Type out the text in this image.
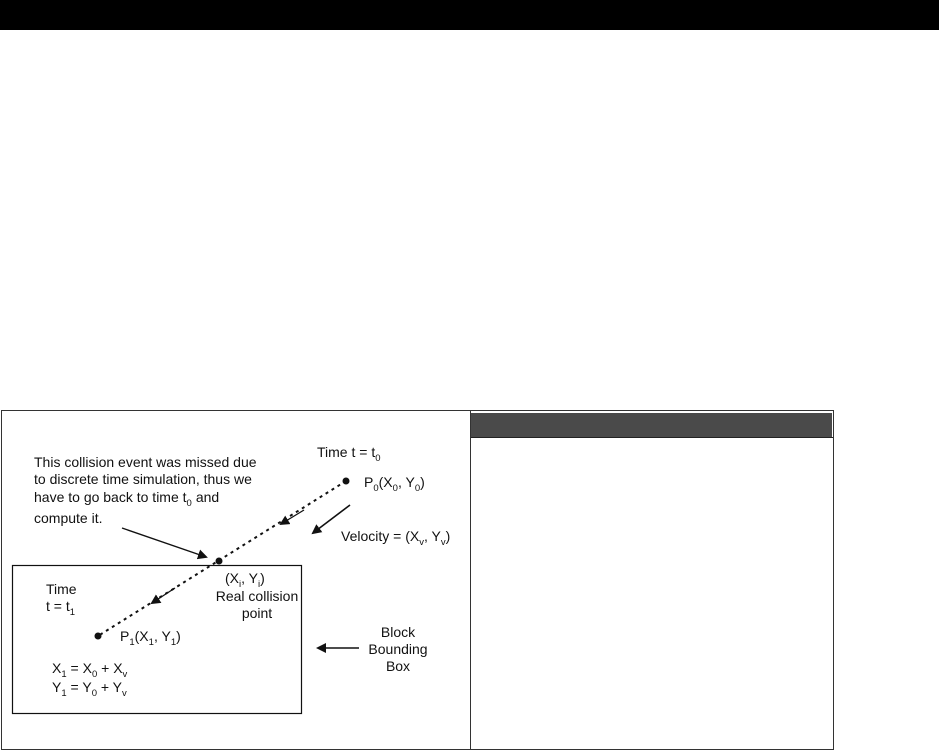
This collision event was missed due
to discrete time simulation, thus we
have to go back to time $t_0$ and
compute it.
Time $t = t_0$
$P_0(X_0$, $Y_0$)
Velocity = ($X_v$, $Y_v$)
($X_i$, $Y_i$)
Real collision
point
Time
$t = t_1$
$P_1(X_1$, $Y_1$)
$X_1 = X_0 + X_v$
$Y_1 = Y_0 + Y_v$
Block
Bounding
Box
